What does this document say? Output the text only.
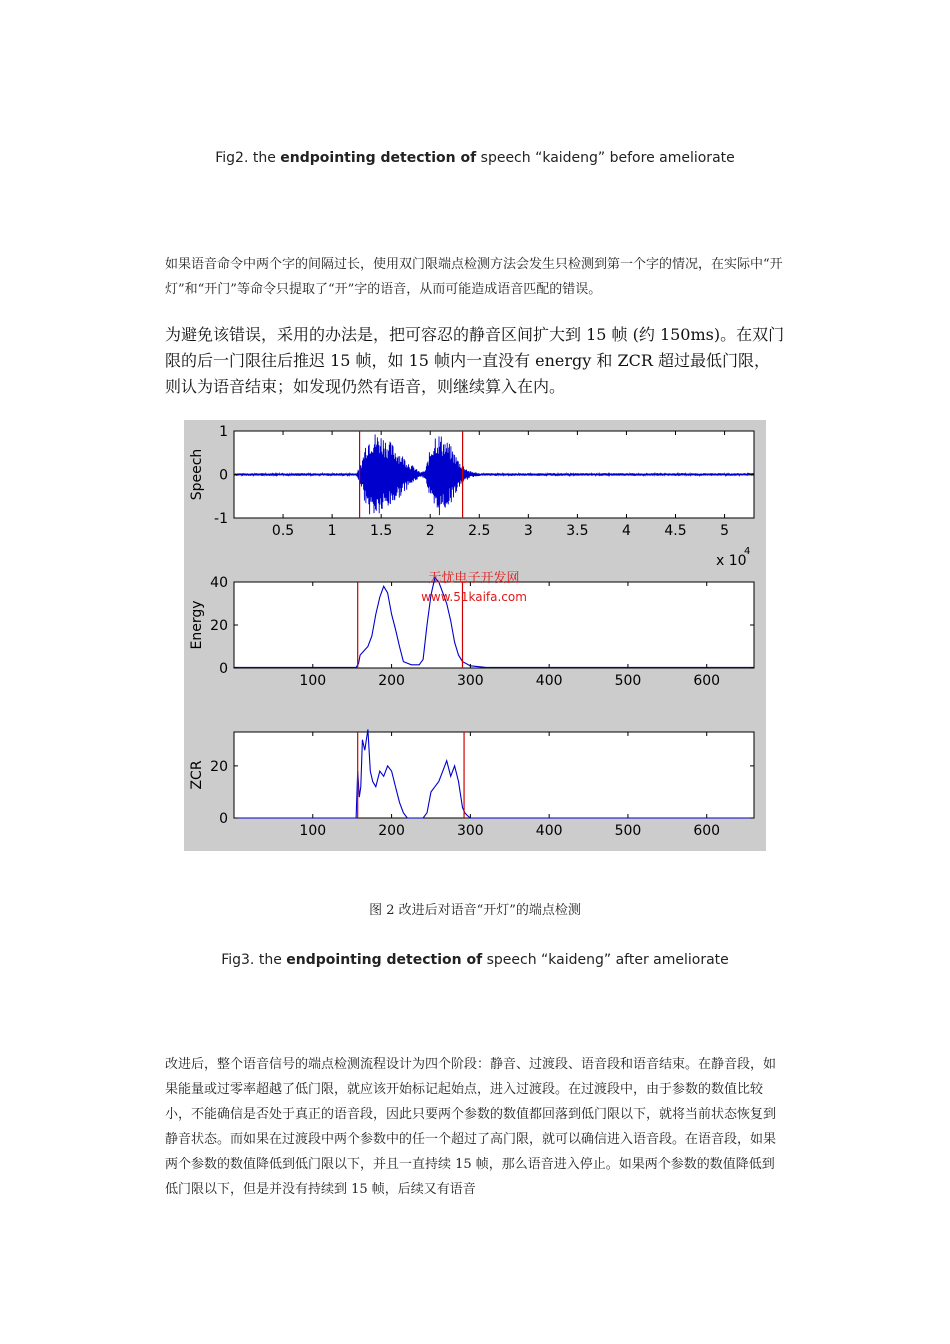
Fig2. the endpointing detection of speech “kaideng” before ameliorate
如果语音命令中两个字的间隔过长，使用双门限端点检测方法会发生只检测到第一个字的情况，在实际中“开灯”和“开门”等命令只提取了“开”字的语音，从而可能造成语音匹配的错误。
为避免该错误，采用的办法是，把可容忍的静音区间扩大到 15 帧 (约 150ms)。在双门限的后一门限往后推迟 15 帧，如 15 帧内一直没有 energy 和 ZCR 超过最低门限，则认为语音结束；如发现仍然有语音，则继续算入在内。
0.5 1 1.5 2 2.5 3 3.5 4 4.5 5
-1
0
1
Speech
x 10
4
100	200	300	400	500	600
0
20
40
Energy
100	200	300	400	500	600
0
20
ZCR
无忧电子开发网
www.51kaifa.com
图 2 改进后对语音“开灯”的端点检测
Fig3. the endpointing detection of speech “kaideng” after ameliorate
改进后，整个语音信号的端点检测流程设计为四个阶段：静音、过渡段、语音段和语音结束。在静音段，如果能量或过零率超越了低门限，就应该开始标记起始点，进入过渡段。在过渡段中，由于参数的数值比较小，不能确信是否处于真正的语音段，因此只要两个参数的数值都回落到低门限以下，就将当前状态恢复到静音状态。而如果在过渡段中两个参数中的任一个超过了高门限，就可以确信进入语音段。在语音段，如果两个参数的数值降低到低门限以下，并且一直持续 15 帧，那么语音进入停止。如果两个参数的数值降低到低门限以下，但是并没有持续到 15 帧，后续又有语音
